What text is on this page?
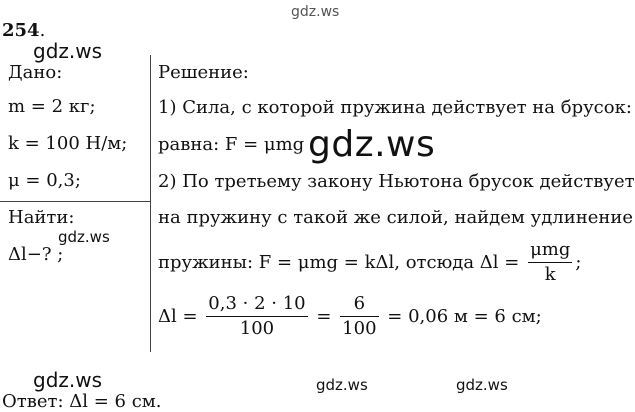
gdz.ws
gdz.ws
gdz.ws
gdz.ws
gdz.ws	gdz.ws	gdz.ws
254.
Дано:
m = 2 кг;
k = 100 Н/м;
μ = 0,3;
Найти:
Δl−? ;
Решение:
1) Сила, с которой пружина действует на брусок:
равна: F = μmg
2) По третьему закону Ньютона брусок действует
на пружину с такой же силой, найдем удлинение
пружины: F = μmg = kΔl, отсюда $\Delta l = \frac{\text{μmg}}{k}$ ;
$\Delta l = \frac{0,3 \cdot 2 \cdot 10}{100} = \frac{6}{100} = 0,06$ м = 6 см;
Ответ: Δl = 6 см.
